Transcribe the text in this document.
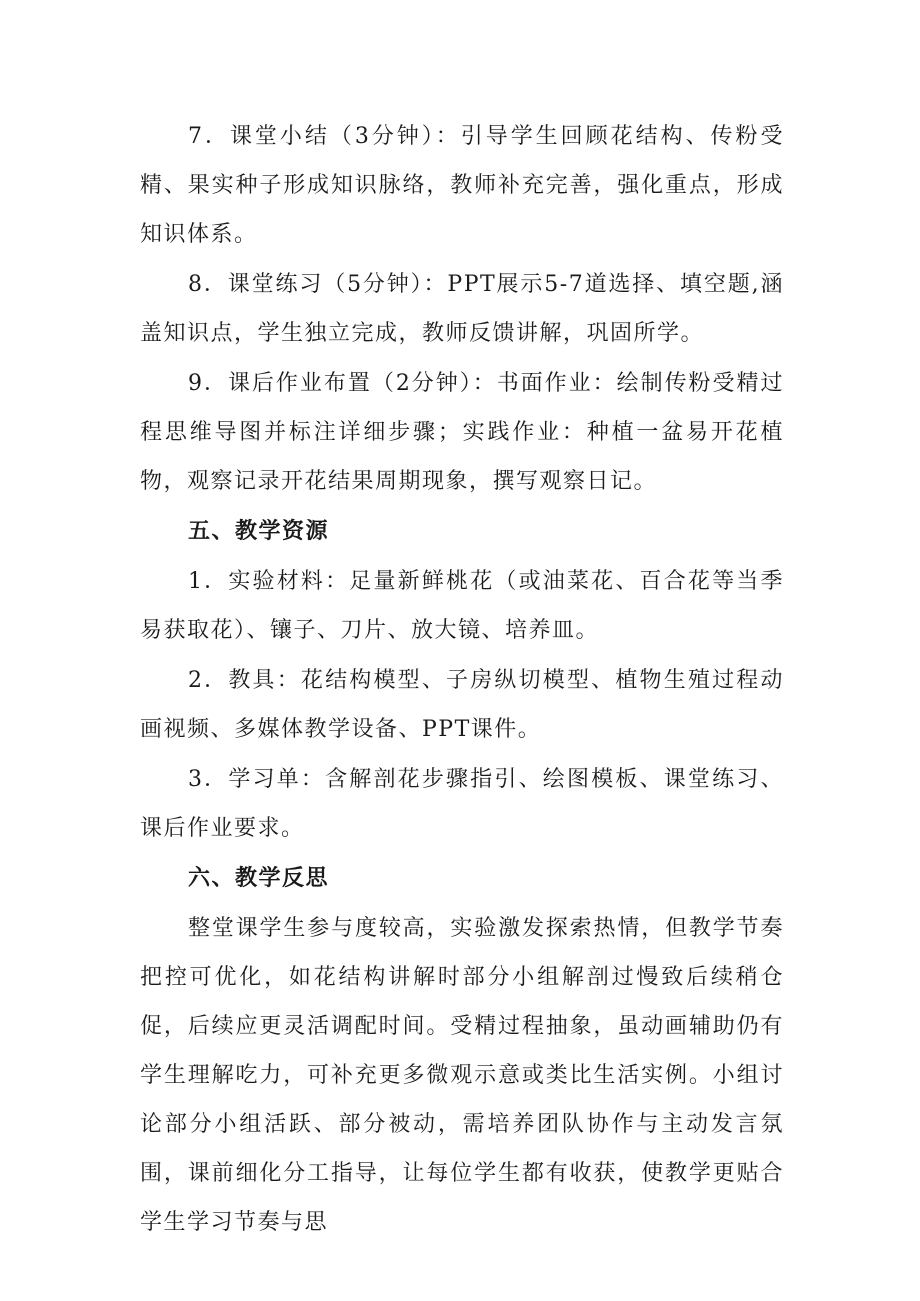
7．课堂小结（3分钟）：引导学生回顾花结构、传粉受精、果实种子形成知识脉络，教师补充完善，强化重点，形成知识体系。

8．课堂练习（5分钟）：PPT展示5-7道选择、填空题,涵盖知识点，学生独立完成，教师反馈讲解，巩固所学。

9．课后作业布置（2分钟）：书面作业：绘制传粉受精过程思维导图并标注详细步骤；实践作业：种植一盆易开花植物，观察记录开花结果周期现象，撰写观察日记。

五、教学资源

1．实验材料：足量新鲜桃花（或油菜花、百合花等当季易获取花）、镶子、刀片、放大镜、培养皿。

2．教具：花结构模型、子房纵切模型、植物生殖过程动画视频、多媒体教学设备、PPT课件。

3．学习单：含解剖花步骤指引、绘图模板、课堂练习、课后作业要求。

六、教学反思

整堂课学生参与度较高，实验激发探索热情，但教学节奏把控可优化，如花结构讲解时部分小组解剖过慢致后续稍仓促，后续应更灵活调配时间。受精过程抽象，虽动画辅助仍有学生理解吃力，可补充更多微观示意或类比生活实例。小组讨论部分小组活跃、部分被动，需培养团队协作与主动发言氛围，课前细化分工指导，让每位学生都有收获，使教学更贴合学生学习节奏与思
